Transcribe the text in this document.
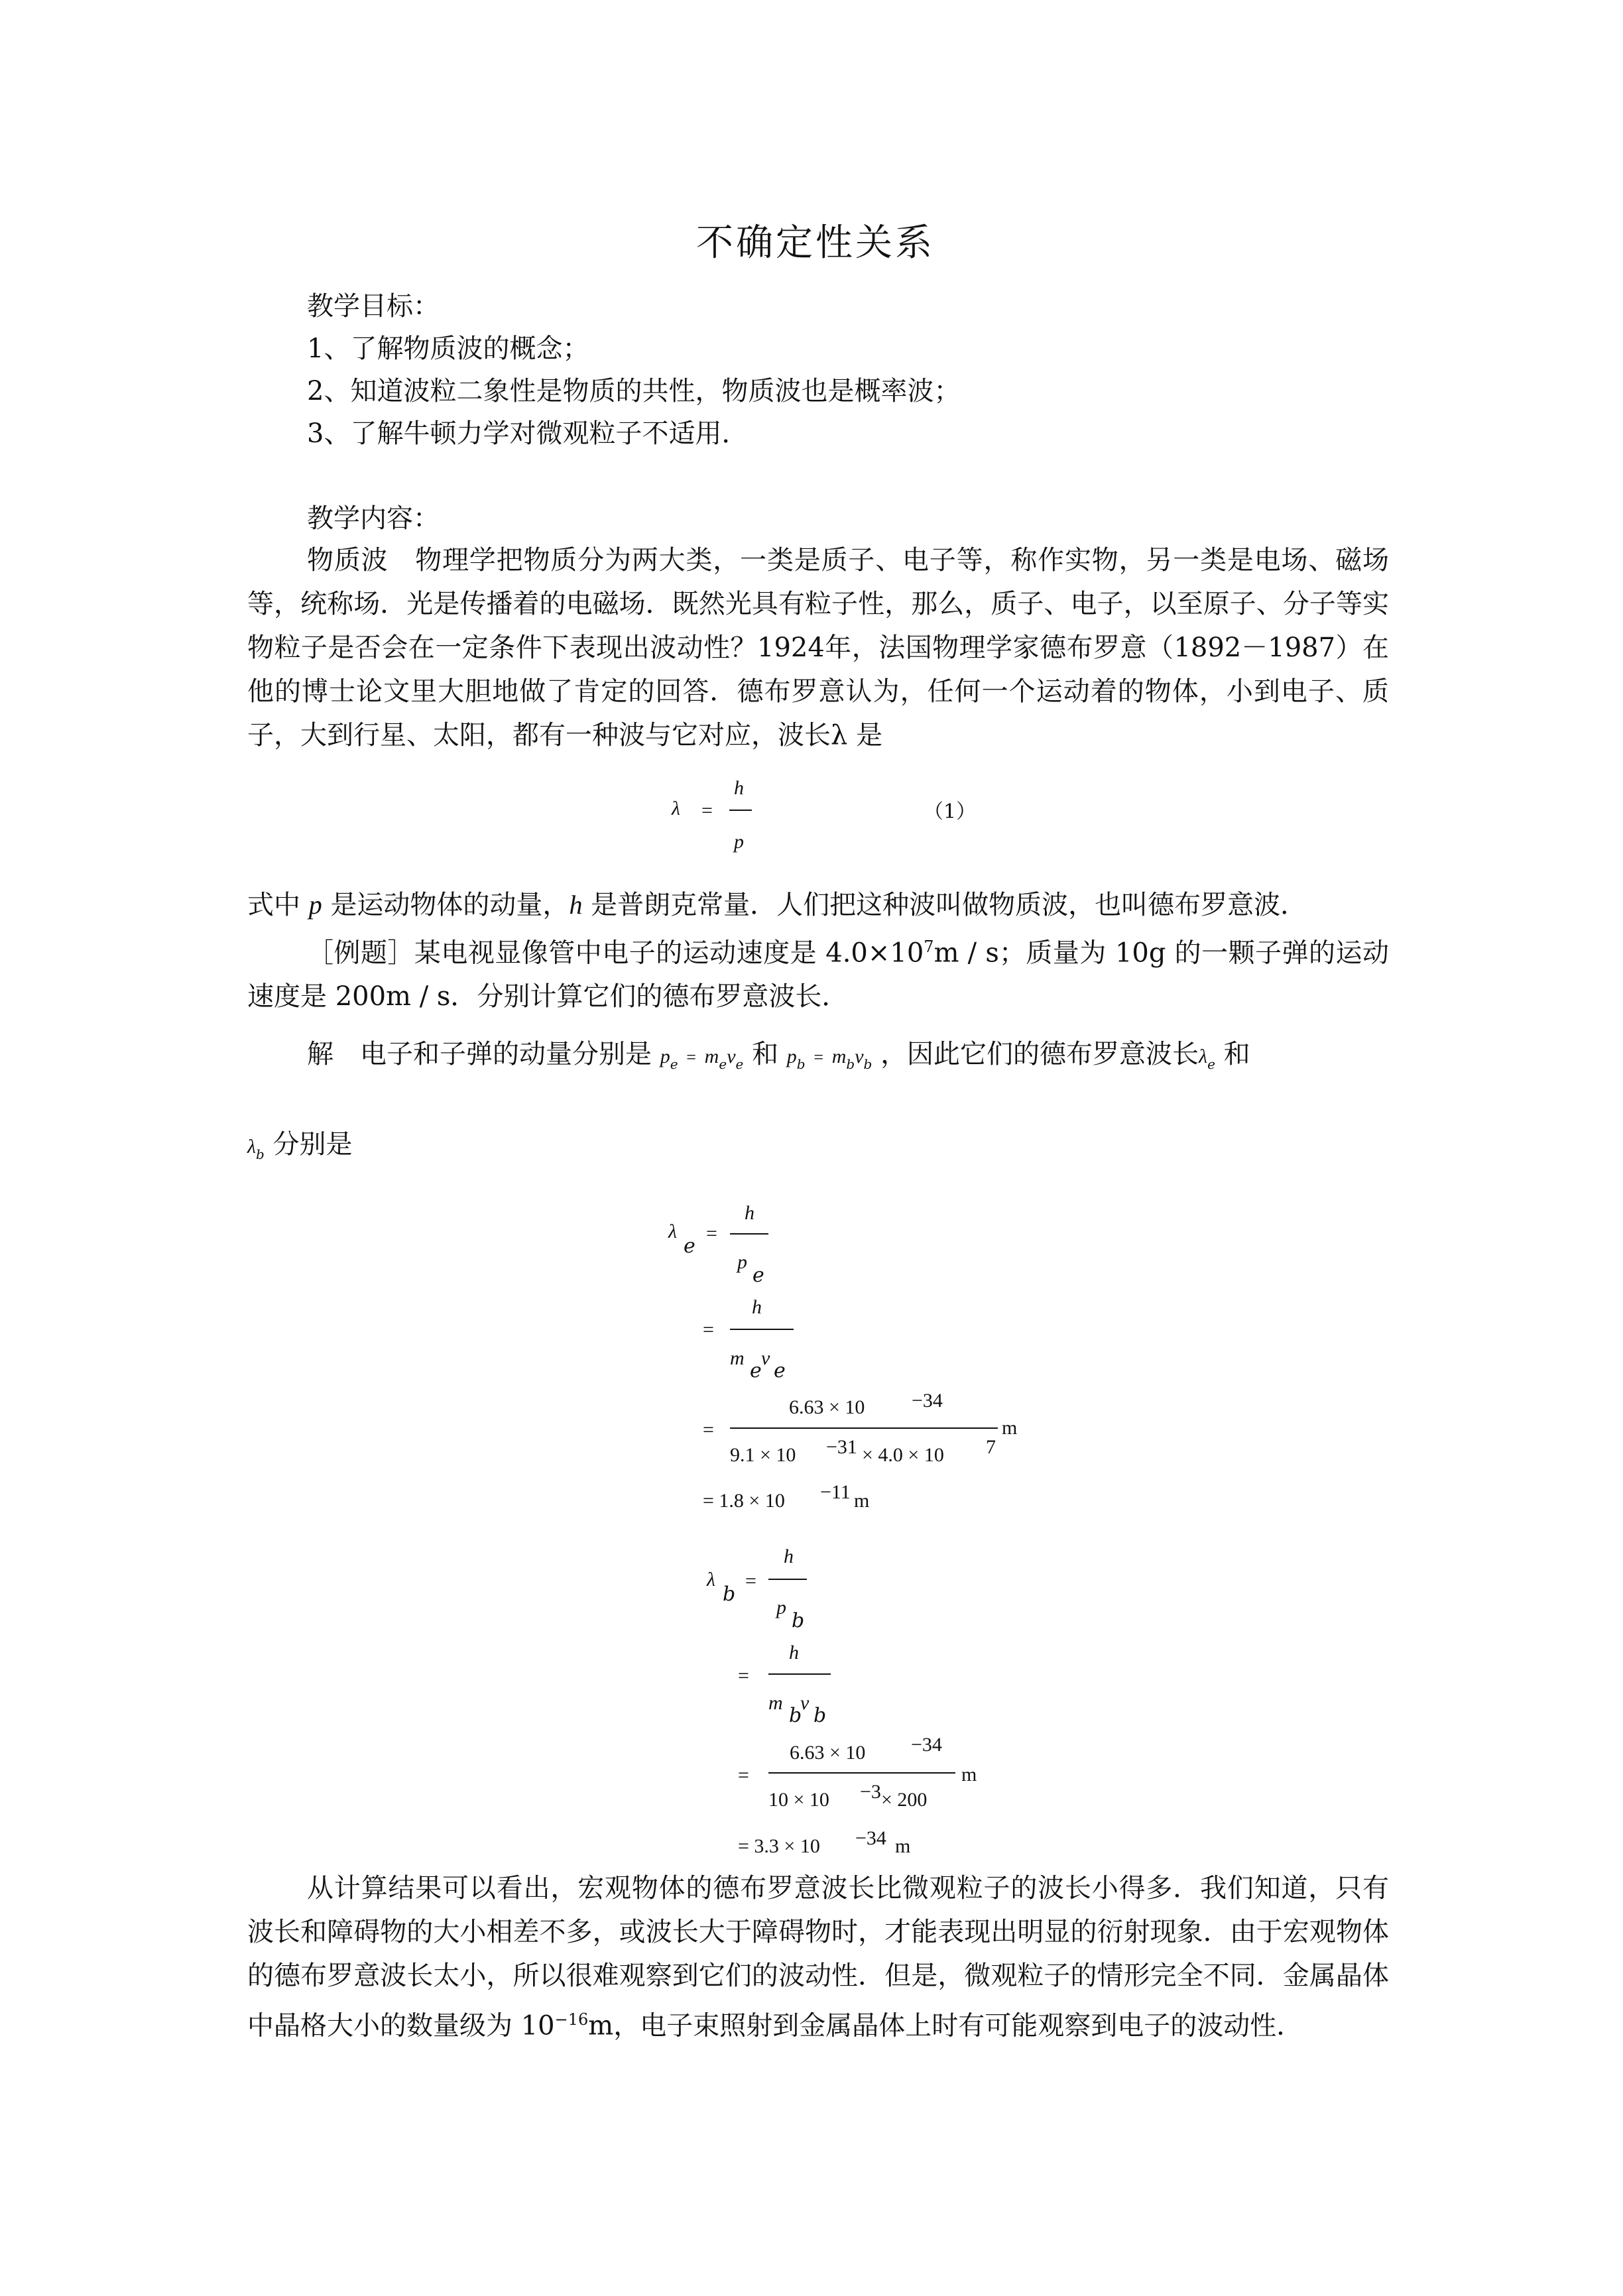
不确定性关系
教学目标：
1、了解物质波的概念；
2、知道波粒二象性是物质的共性，物质波也是概率波；
3、了解牛顿力学对微观粒子不适用．
教学内容：
物质波　物理学把物质分为两大类，一类是质子、电子等，称作实物，另一类是电场、磁场等，统称场．光是传播着的电磁场．既然光具有粒子性，那么，质子、电子，以至原子、分子等实物粒子是否会在一定条件下表现出波动性？1924年，法国物理学家德布罗意（1892－1987）在他的博士论文里大胆地做了肯定的回答．德布罗意认为，任何一个运动着的物体，小到电子、质子，大到行星、太阳，都有一种波与它对应，波长λ 是
λ =
h
p
（1）
式中 p 是运动物体的动量，h 是普朗克常量．人们把这种波叫做物质波，也叫德布罗意波．
［例题］某电视显像管中电子的运动速度是 $4.0\times 10^7m / s$；质量为 10g 的一颗子弹的运动速度是 200m / s．分别计算它们的德布罗意波长．
解　电子和子弹的动量分别是 $p_e = m_ev_e$ 和 $p_b = m_bv_b$ ，因此它们的德布罗意波长$\lambda_e$ 和
$\lambda_b$ 分别是
λ
e
=
h
p
e
=
h
m
e
v
e
=
6.63 × 10 −34
9.1 × 10 −31 × 4.0 × 10 7
m
= 1.8 × 10 −11 m
λ
b
=
h
p
b
=
h
m
b
v
b
=
6.63 × 10 −34
10 × 10 −3 × 200
m
= 3.3 × 10 −34 m
从计算结果可以看出，宏观物体的德布罗意波长比微观粒子的波长小得多．我们知道，只有波长和障碍物的大小相差不多，或波长大于障碍物时，才能表现出明显的衍射现象．由于宏观物体的德布罗意波长太小，所以很难观察到它们的波动性．但是，微观粒子的情形完全不同．金属晶体中晶格大小的数量级为 $10^{-16}m$，电子束照射到金属晶体上时有可能观察到电子的波动性．
